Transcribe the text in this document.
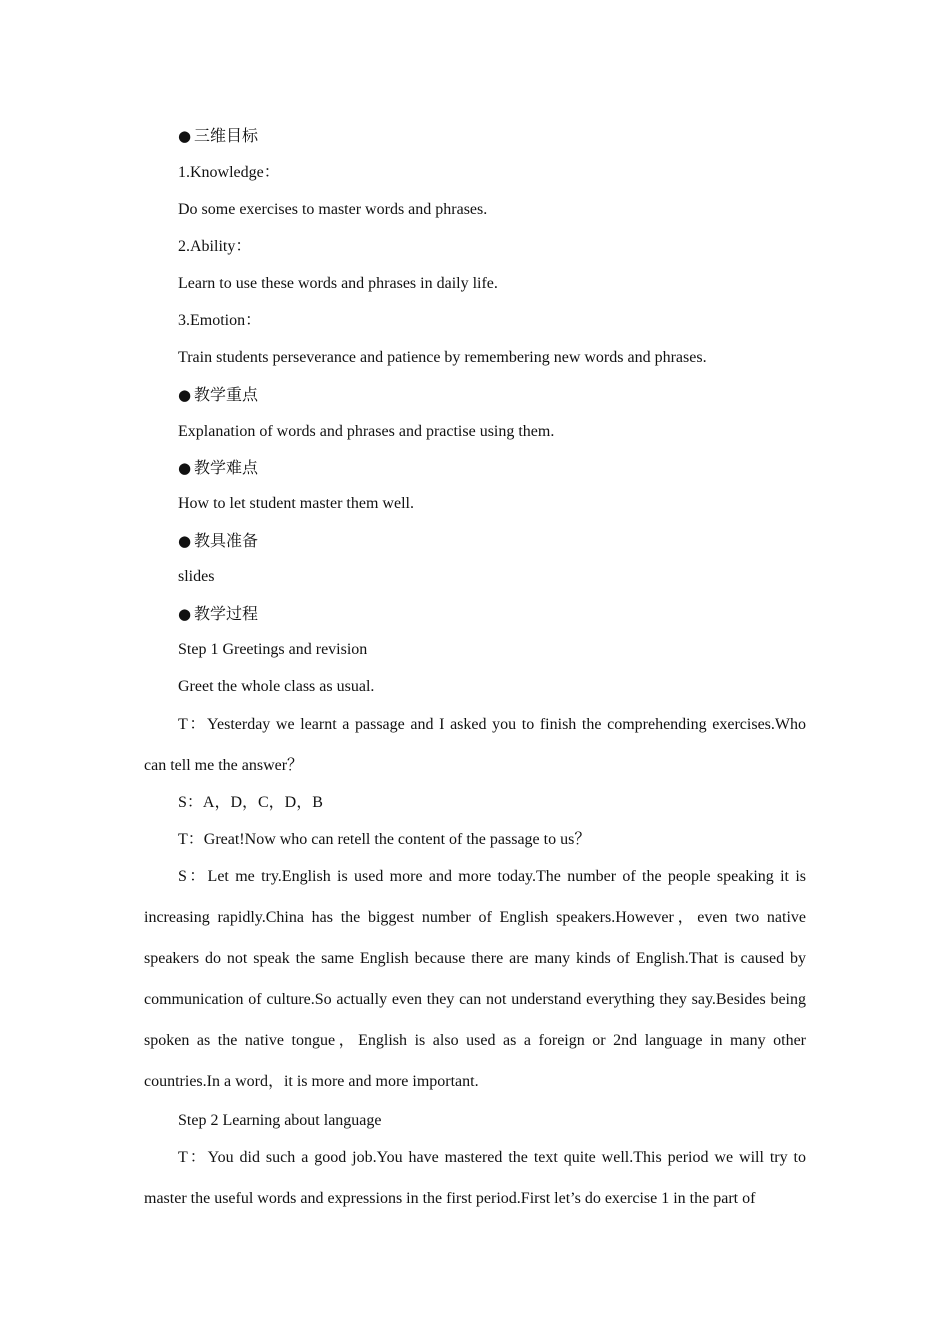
● 三维目标
1.Knowledge：
Do some exercises to master words and phrases.
2.Ability：
Learn to use these words and phrases in daily life.
3.Emotion：
Train students perseverance and patience by remembering new words and phrases.
● 教学重点
Explanation of words and phrases and practise using them.
● 教学难点
How to let student master them well.
● 教具准备
slides
● 教学过程
Step 1 Greetings and revision
Greet the whole class as usual.

T：Yesterday we learnt a passage and I asked you to finish the comprehending exercises.Who can tell me the answer？

S：A，D，C，D，B

T：Great!Now who can retell the content of the passage to us？

S：Let me try.English is used more and more today.The number of the people speaking it is increasing rapidly.China has the biggest number of English speakers.However，even two native speakers do not speak the same English because there are many kinds of English.That is caused by communication of culture.So actually even they can not understand everything they say.Besides being spoken as the native tongue，English is also used as a foreign or 2nd language in many other countries.In a word，it is more and more important.

Step 2 Learning about language

T：You did such a good job.You have mastered the text quite well.This period we will try to master the useful words and expressions in the first period.First let’s do exercise 1 in the part of
